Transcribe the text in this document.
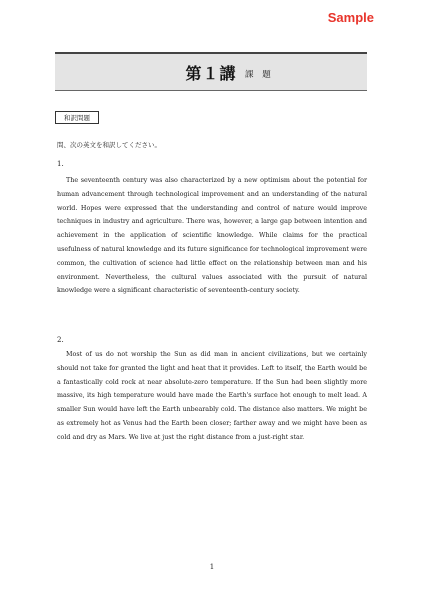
Sample
第１講	課 題
和訳問題
問、次の英文を和訳してください。
1.

The seventeenth century was also characterized by a new optimism about the potential for human advancement through technological improvement and an understanding of the natural world. Hopes were expressed that the understanding and control of nature would improve techniques in industry and agriculture. There was, however, a large gap between intention and achievement in the application of scientific knowledge. While claims for the practical usefulness of natural knowledge and its future significance for technological improvement were common, the cultivation of science had little effect on the relationship between man and his environment. Nevertheless, the cultural values associated with the pursuit of natural knowledge were a significant characteristic of seventeenth-century society.

2.

Most of us do not worship the Sun as did man in ancient civilizations, but we certainly should not take for granted the light and heat that it provides. Left to itself, the Earth would be a fantastically cold rock at near absolute-zero temperature. If the Sun had been slightly more massive, its high temperature would have made the Earth's surface hot enough to melt lead. A smaller Sun would have left the Earth unbearably cold. The distance also matters. We might be as extremely hot as Venus had the Earth been closer; farther away and we might have been as cold and dry as Mars. We live at just the right distance from a just-right star.

1
